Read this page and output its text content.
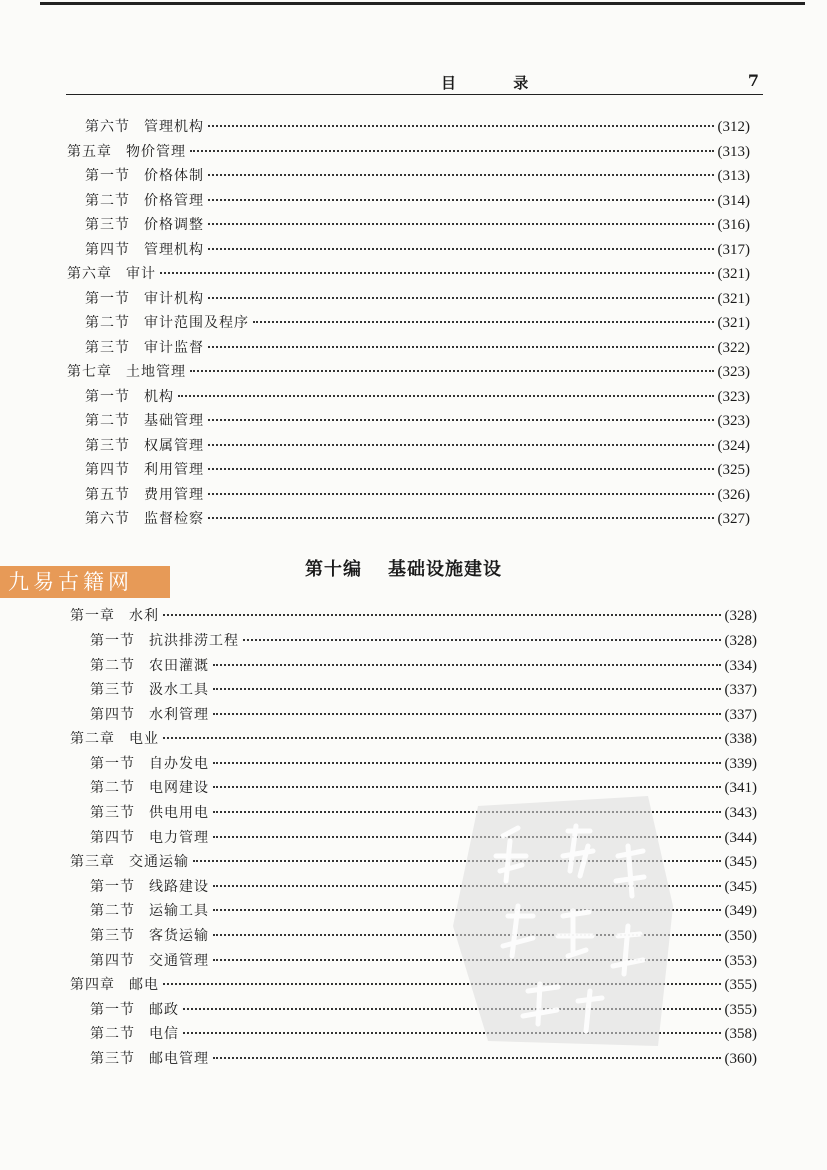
目 录	7
第六节 管理机构	(312)
第五章 物价管理	(313)
第一节 价格体制	(313)
第二节 价格管理	(314)
第三节 价格调整	(316)
第四节 管理机构	(317)
第六章 审计	(321)
第一节 审计机构	(321)
第二节 审计范围及程序	(321)
第三节 审计监督	(322)
第七章 土地管理	(323)
第一节 机构	(323)
第二节 基础管理	(323)
第三节 权属管理	(324)
第四节 利用管理	(325)
第五节 费用管理	(326)
第六节 监督检察	(327)
第一章 水利	(328)
第一节 抗洪排涝工程	(328)
第二节 农田灌溉	(334)
第三节 汲水工具	(337)
第四节 水利管理	(337)
第二章 电业	(338)
第一节 自办发电	(339)
第二节 电网建设	(341)
第三节 供电用电	(343)
第四节 电力管理	(344)
第三章 交通运输	(345)
第一节 线路建设	(345)
第二节 运输工具	(349)
第三节 客货运输	(350)
第四节 交通管理	(353)
第四章 邮电	(355)
第一节 邮政	(355)
第二节 电信	(358)
第三节 邮电管理	(360)
九易古籍网
第十编 基础设施建设
